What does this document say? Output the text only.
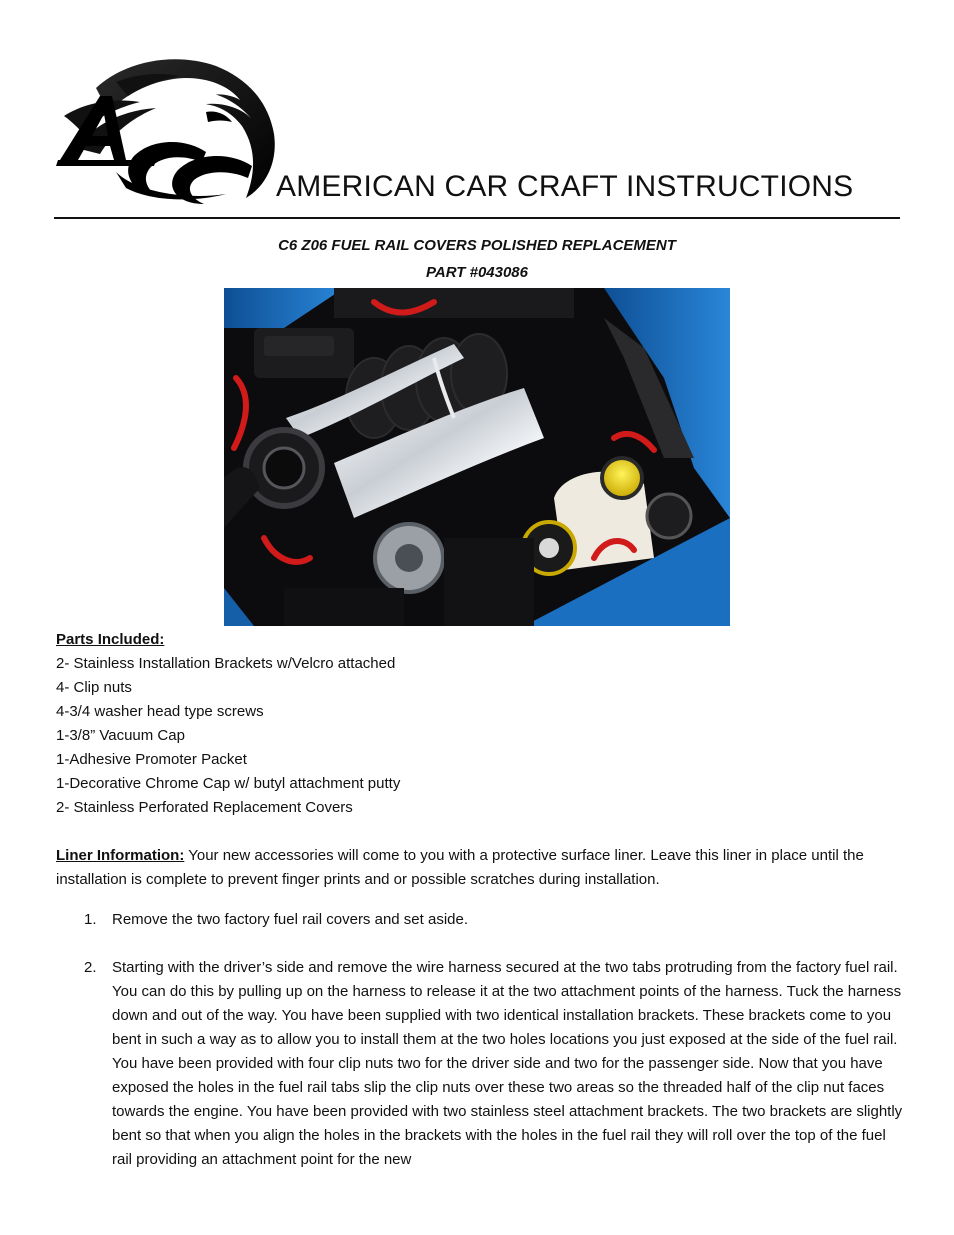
AMERICAN CAR CRAFT INSTRUCTIONS
C6 Z06 FUEL RAIL COVERS POLISHED REPLACEMENT
PART #043086
Parts Included:
2- Stainless Installation Brackets w/Velcro attached
4- Clip nuts
4-3/4 washer head type screws
1-3/8” Vacuum Cap
1-Adhesive Promoter Packet
1-Decorative Chrome Cap w/ butyl attachment putty
2- Stainless Perforated Replacement Covers
Liner Information: Your new accessories will come to you with a protective surface liner. Leave this liner in place until the installation is complete to prevent finger prints and or possible scratches during installation.
1. Remove the two factory fuel rail covers and set aside.
2. Starting with the driver’s side and remove the wire harness secured at the two tabs protruding from the factory fuel rail. You can do this by pulling up on the harness to release it at the two attachment points of the harness. Tuck the harness down and out of the way. You have been supplied with two identical installation brackets. These brackets come to you bent in such a way as to allow you to install them at the two holes locations you just exposed at the side of the fuel rail. You have been provided with four clip nuts two for the driver side and two for the passenger side. Now that you have exposed the holes in the fuel rail tabs slip the clip nuts over these two areas so the threaded half of the clip nut faces towards the engine. You have been provided with two stainless steel attachment brackets. The two brackets are slightly bent so that when you align the holes in the brackets with the holes in the fuel rail they will roll over the top of the fuel rail providing an attachment point for the new
